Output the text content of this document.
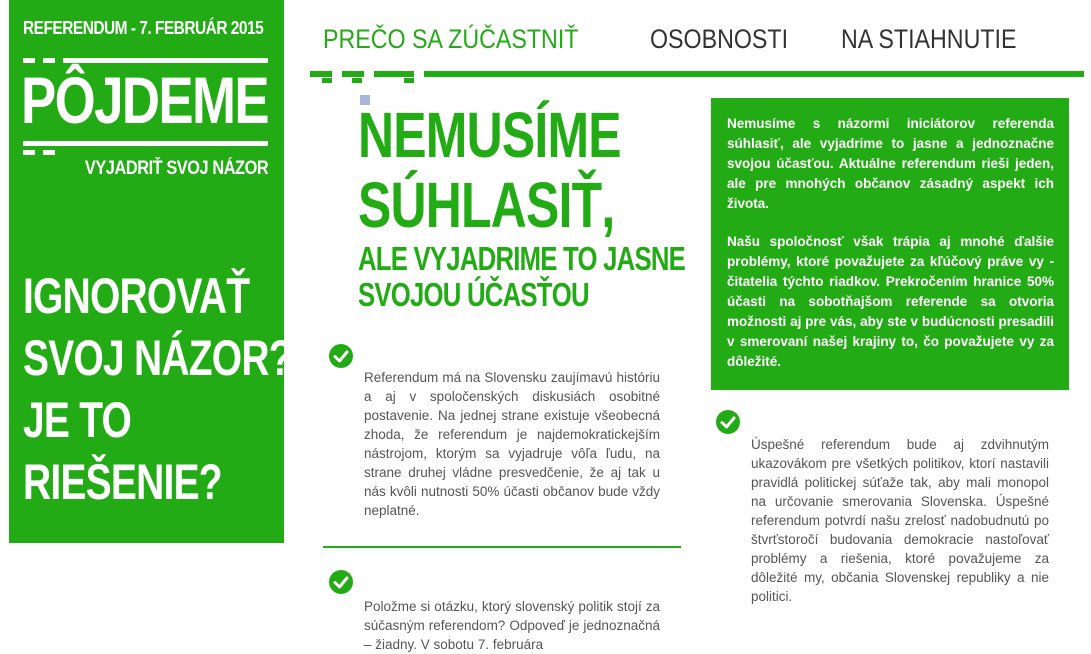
REFERENDUM - 7. FEBRUÁR 2015
PÔJDEME
VYJADRIŤ SVOJ NÁZOR
IGNOROVAŤ
SVOJ NÁZOR?
JE TO
RIEŠENIE?
PREČO SA ZÚČASTNIŤ	OSOBNOSTI NA STIAHNUTIE
NEMUSÍME
SÚHLASIŤ,
ALE VYJADRIME TO JASNE
SVOJOU ÚČASŤOU
Referendum má na Slovensku zaujímavú históriu a aj v spoločenských diskusiách osobitné postavenie. Na jednej strane existuje všeobecná zhoda, že referendum je najdemokratickejším nástrojom, ktorým sa vyjadruje vôľa ľudu, na strane druhej vládne presvedčenie, že aj tak u nás kvôli nutnosti 50% účasti občanov bude vždy neplatné.
Položme si otázku, ktorý slovenský politik stojí za súčasným referendom? Odpoveď je jednoznačná – žiadny. V sobotu 7. februára

Nemusíme s názormi iniciátorov referenda súhlasiť, ale vyjadrime to jasne a jednoznačne svojou účasťou. Aktuálne referendum rieši jeden, ale pre mnohých občanov zásadný aspekt ich života.

Našu spoločnosť však trápia aj mnohé ďalšie problémy, ktoré považujete za kľúčový práve vy - čitatelia týchto riadkov. Prekročením hranice 50% účasti na sobotňajšom referende sa otvoria možnosti aj pre vás, aby ste v budúcnosti presadili v smerovaní našej krajiny to, čo považujete vy za dôležité.

Úspešné referendum bude aj zdvihnutým ukazovákom pre všetkých politikov, ktorí nastavili pravidlá politickej súťaže tak, aby mali monopol na určovanie smerovania Slovenska. Úspešné referendum potvrdí našu zrelosť nadobudnutú po štvrťstoročí budovania demokracie nastoľovať problémy a riešenia, ktoré považujeme za dôležité my, občania Slovenskej republiky a nie politici.
